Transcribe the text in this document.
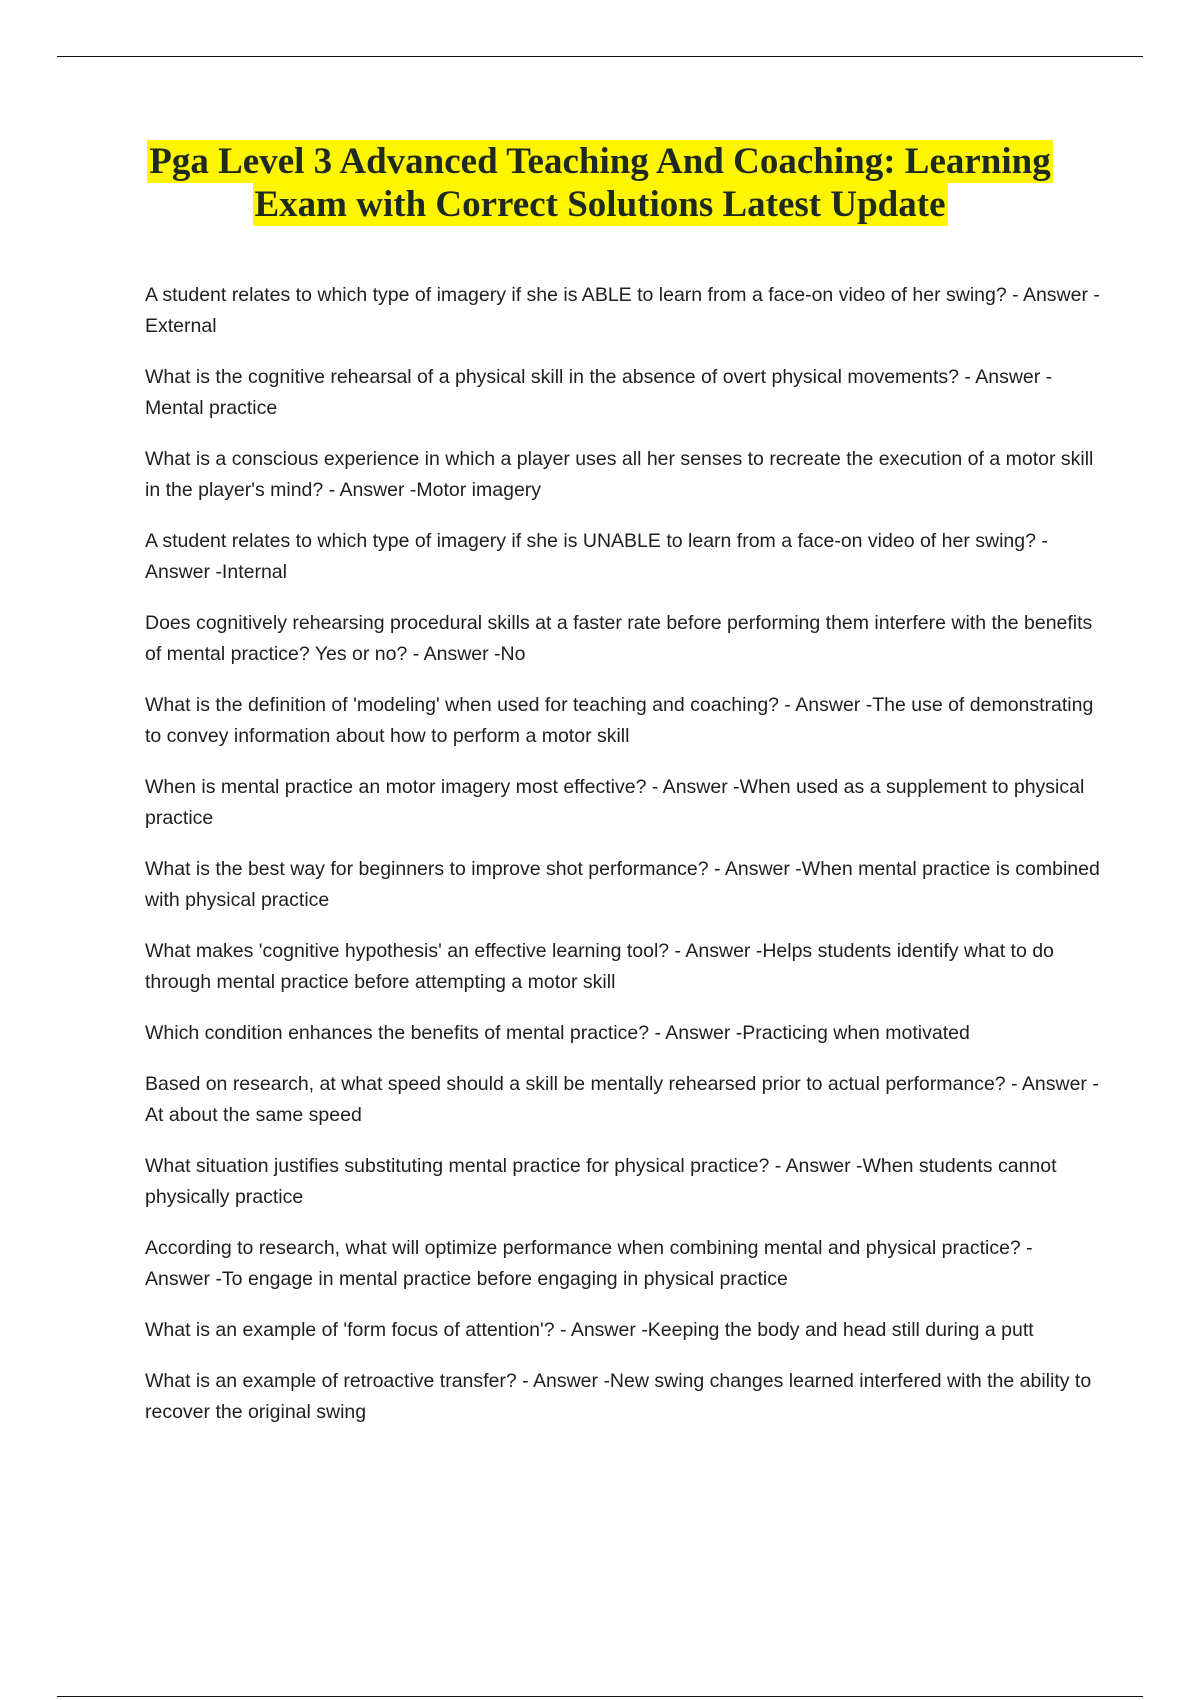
Pga Level 3 Advanced Teaching And Coaching: Learning
Exam with Correct Solutions Latest Update
A student relates to which type of imagery if she is ABLE to learn from a face-on video of her swing? - Answer -External
What is the cognitive rehearsal of a physical skill in the absence of overt physical movements? - Answer - Mental practice
What is a conscious experience in which a player uses all her senses to recreate the execution of a motor skill in the player's mind? - Answer -Motor imagery
A student relates to which type of imagery if she is UNABLE to learn from a face-on video of her swing? - Answer -Internal
Does cognitively rehearsing procedural skills at a faster rate before performing them interfere with the benefits of mental practice? Yes or no? - Answer -No
What is the definition of 'modeling' when used for teaching and coaching? - Answer -The use of demonstrating to convey information about how to perform a motor skill
When is mental practice an motor imagery most effective? - Answer -When used as a supplement to physical practice
What is the best way for beginners to improve shot performance? - Answer -When mental practice is combined with physical practice
What makes 'cognitive hypothesis' an effective learning tool? - Answer -Helps students identify what to do through mental practice before attempting a motor skill
Which condition enhances the benefits of mental practice? - Answer -Practicing when motivated
Based on research, at what speed should a skill be mentally rehearsed prior to actual performance? - Answer -At about the same speed
What situation justifies substituting mental practice for physical practice? - Answer -When students cannot physically practice
According to research, what will optimize performance when combining mental and physical practice? - Answer -To engage in mental practice before engaging in physical practice
What is an example of 'form focus of attention'? - Answer -Keeping the body and head still during a putt
What is an example of retroactive transfer? - Answer -New swing changes learned interfered with the ability to recover the original swing
